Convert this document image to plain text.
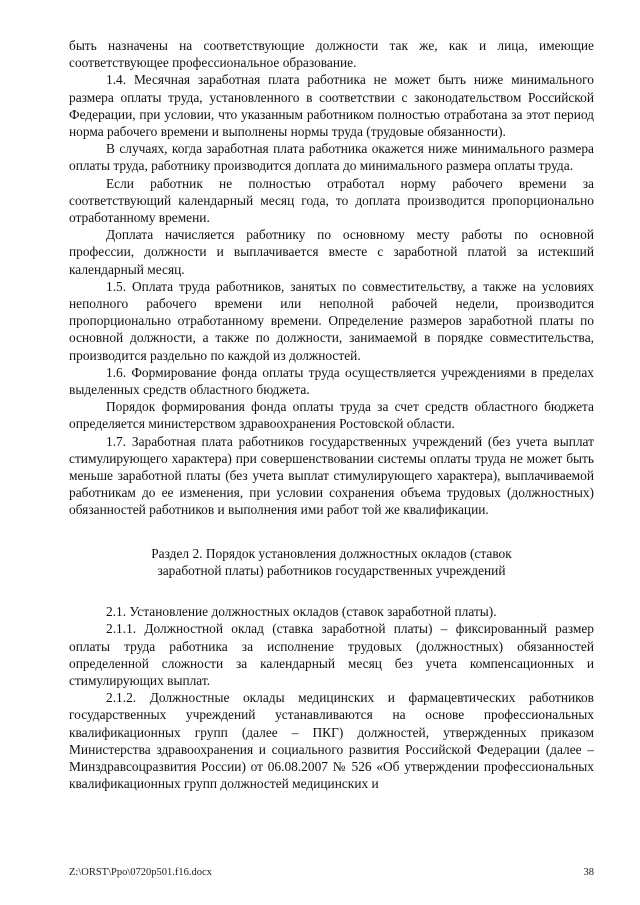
быть назначены на соответствующие должности так же, как и лица, имеющие соответствующее профессиональное образование.

1.4. Месячная заработная плата работника не может быть ниже минимального размера оплаты труда, установленного в соответствии с законодательством Российской Федерации, при условии, что указанным работником полностью отработана за этот период норма рабочего времени и выполнены нормы труда (трудовые обязанности).

В случаях, когда заработная плата работника окажется ниже минимального размера оплаты труда, работнику производится доплата до минимального размера оплаты труда.

Если работник не полностью отработал норму рабочего времени за соответствующий календарный месяц года, то доплата производится пропорционально отработанному времени.

Доплата начисляется работнику по основному месту работы по основной профессии, должности и выплачивается вместе с заработной платой за истекший календарный месяц.

1.5. Оплата труда работников, занятых по совместительству, а также на условиях неполного рабочего времени или неполной рабочей недели, производится пропорционально отработанному времени. Определение размеров заработной платы по основной должности, а также по должности, занимаемой в порядке совместительства, производится раздельно по каждой из должностей.

1.6. Формирование фонда оплаты труда осуществляется учреждениями в пределах выделенных средств областного бюджета.

Порядок формирования фонда оплаты труда за счет средств областного бюджета определяется министерством здравоохранения Ростовской области.

1.7. Заработная плата работников государственных учреждений (без учета выплат стимулирующего характера) при совершенствовании системы оплаты труда не может быть меньше заработной платы (без учета выплат стимулирующего характера), выплачиваемой работникам до ее изменения, при условии сохранения объема трудовых (должностных) обязанностей работников и выполнения ими работ той же квалификации.

Раздел 2. Порядок установления должностных окладов (ставок
заработной платы) работников государственных учреждений

2.1. Установление должностных окладов (ставок заработной платы).

2.1.1. Должностной оклад (ставка заработной платы) – фиксированный размер оплаты труда работника за исполнение трудовых (должностных) обязанностей определенной сложности за календарный месяц без учета компенсационных и стимулирующих выплат.

2.1.2. Должностные оклады медицинских и фармацевтических работников государственных учреждений устанавливаются на основе профессиональных квалификационных групп (далее – ПКГ) должностей, утвержденных приказом Министерства здравоохранения и социального развития Российской Федерации (далее – Минздравсоцразвития России) от 06.08.2007 № 526 «Об утверждении профессиональных квалификационных групп должностей медицинских и

Z:\ORST\Ppo\0720p501.f16.docx	38
